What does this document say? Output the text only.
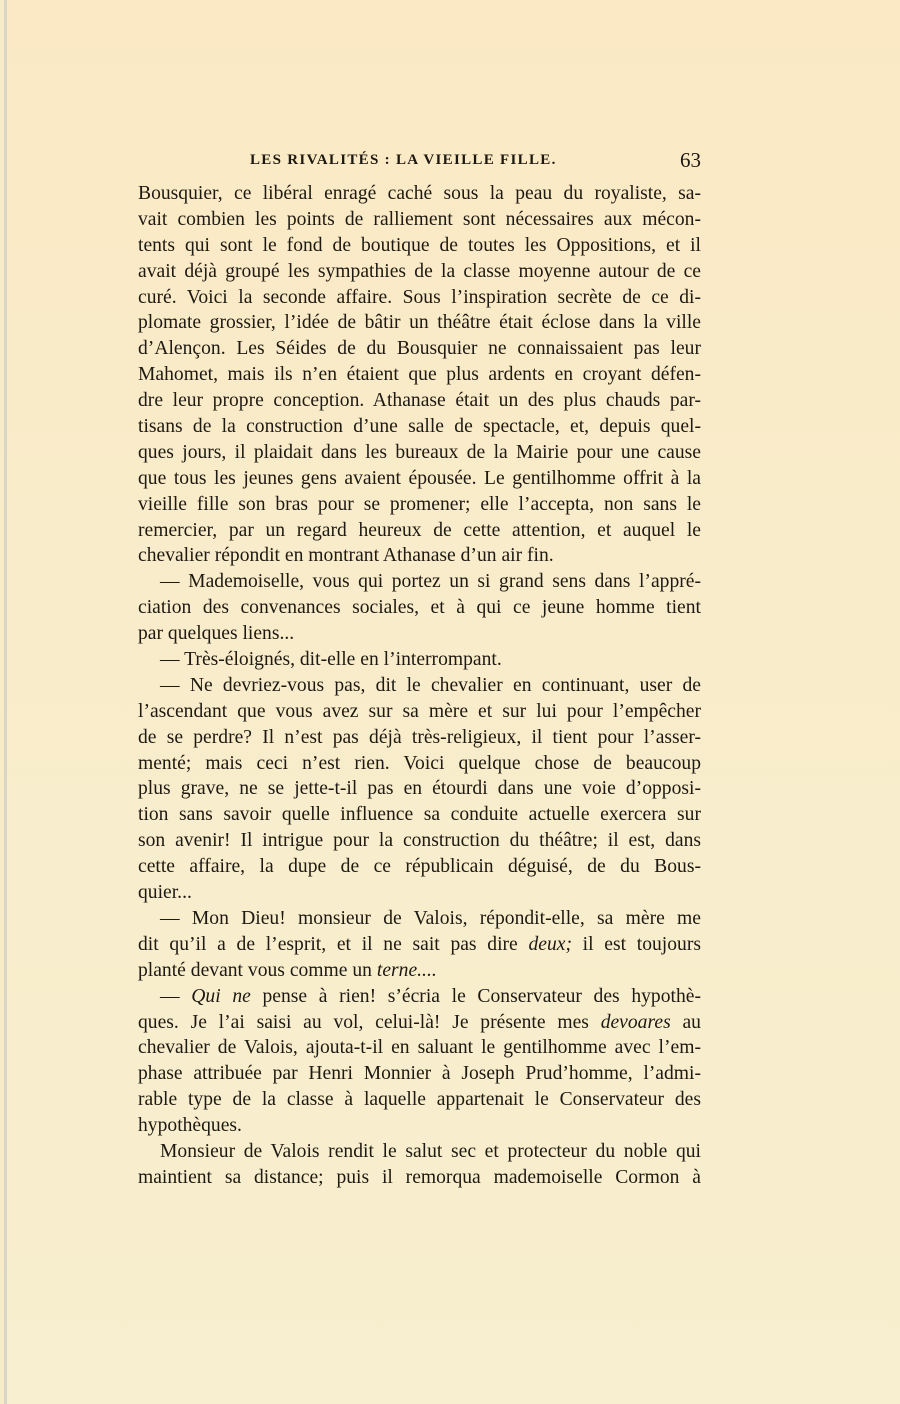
LES RIVALITÉS : LA VIEILLE FILLE.	63
Bousquier, ce libéral enragé caché sous la peau du royaliste, sa-
vait combien les points de ralliement sont nécessaires aux mécon-
tents qui sont le fond de boutique de toutes les Oppositions, et il
avait déjà groupé les sympathies de la classe moyenne autour de ce
curé. Voici la seconde affaire. Sous l’inspiration secrète de ce di-
plomate grossier, l’idée de bâtir un théâtre était éclose dans la ville
d’Alençon. Les Séides de du Bousquier ne connaissaient pas leur
Mahomet, mais ils n’en étaient que plus ardents en croyant défen-
dre leur propre conception. Athanase était un des plus chauds par-
tisans de la construction d’une salle de spectacle, et, depuis quel-
ques jours, il plaidait dans les bureaux de la Mairie pour une cause
que tous les jeunes gens avaient épousée. Le gentilhomme offrit à la
vieille fille son bras pour se promener; elle l’accepta, non sans le
remercier, par un regard heureux de cette attention, et auquel le
chevalier répondit en montrant Athanase d’un air fin.
— Mademoiselle, vous qui portez un si grand sens dans l’appré-
ciation des convenances sociales, et à qui ce jeune homme tient
par quelques liens...
— Très-éloignés, dit-elle en l’interrompant.
— Ne devriez-vous pas, dit le chevalier en continuant, user de
l’ascendant que vous avez sur sa mère et sur lui pour l’empêcher
de se perdre? Il n’est pas déjà très-religieux, il tient pour l’asser-
menté; mais ceci n’est rien. Voici quelque chose de beaucoup
plus grave, ne se jette-t-il pas en étourdi dans une voie d’opposi-
tion sans savoir quelle influence sa conduite actuelle exercera sur
son avenir! Il intrigue pour la construction du théâtre; il est, dans
cette affaire, la dupe de ce républicain déguisé, de du Bous-
quier...
— Mon Dieu! monsieur de Valois, répondit-elle, sa mère me
dit qu’il a de l’esprit, et il ne sait pas dire deux; il est toujours
planté devant vous comme un terne....
— Qui ne pense à rien! s’écria le Conservateur des hypothè-
ques. Je l’ai saisi au vol, celui-là! Je présente mes devoares au
chevalier de Valois, ajouta-t-il en saluant le gentilhomme avec l’em-
phase attribuée par Henri Monnier à Joseph Prud’homme, l’admi-
rable type de la classe à laquelle appartenait le Conservateur des
hypothèques.
Monsieur de Valois rendit le salut sec et protecteur du noble qui
maintient sa distance; puis il remorqua mademoiselle Cormon à
